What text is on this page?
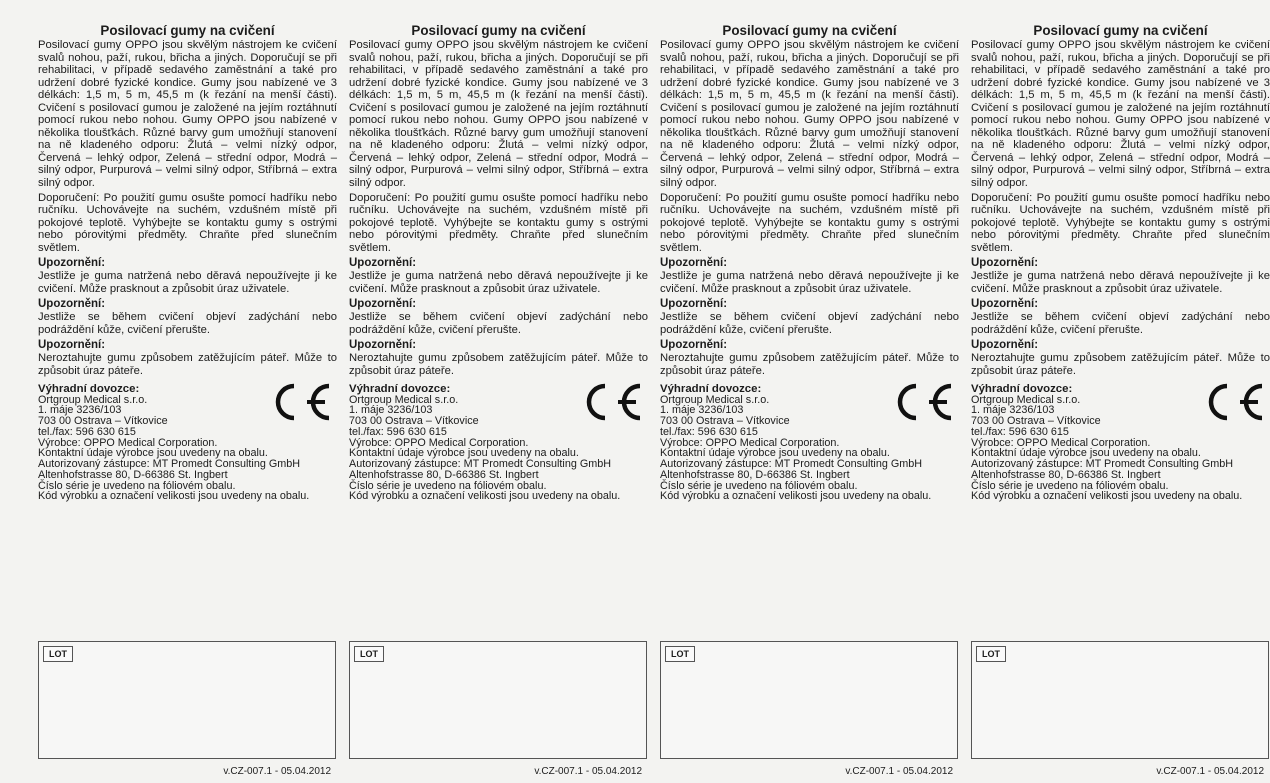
Posilovací gumy na cvičení

Posilovací gumy OPPO jsou skvělým nástrojem ke cvičení svalů nohou, paží, rukou, břicha a jiných. Doporučují se při rehabilitaci, v případě sedavého zaměstnání a také pro udržení dobré fyzické kondice. Gumy jsou nabízené ve 3 délkách: 1,5 m, 5 m, 45,5 m (k řezání na menší části). Cvičení s posilovací gumou je založené na jejím roztáhnutí pomocí rukou nebo nohou. Gumy OPPO jsou nabízené v několika tloušťkách. Různé barvy gum umožňují stanovení na ně kladeného odporu: Žlutá – velmi nízký odpor, Červená – lehký odpor, Zelená – střední odpor, Modrá – silný odpor, Purpurová – velmi silný odpor, Stříbrná – extra silný odpor.

Doporučení: Po použití gumu osušte pomocí hadříku nebo ručníku. Uchovávejte na suchém, vzdušném místě při pokojové teplotě. Vyhýbejte se kontaktu gumy s ostrými nebo pórovitými předměty. Chraňte před slunečním světlem.

Upozornění:

Jestliže je guma natržená nebo děravá nepoužívejte ji ke cvičení. Může prasknout a způsobit úraz uživatele.

Upozornění:

Jestliže se během cvičení objeví zadýchání nebo podráždění kůže, cvičení přerušte.

Upozornění:

Neroztahujte gumu způsobem zatěžujícím páteř. Může to způsobit úraz páteře.

Výhradní dovozce:
Ortgroup Medical s.r.o.
1. máje 3236/103
703 00 Ostrava – Vítkovice
tel./fax: 596 630 615
Výrobce: OPPO Medical Corporation.
Kontaktní údaje výrobce jsou uvedeny na obalu.
Autorizovaný zástupce: MT Promedt Consulting GmbH
Altenhofstrasse 80, D-66386 St. Ingbert
Číslo série je uvedeno na fóliovém obalu.
Kód výrobku a označení velikosti jsou uvedeny na obalu.
LOT
v.CZ-007.1 - 05.04.2012
Posilovací gumy na cvičení

Posilovací gumy OPPO jsou skvělým nástrojem ke cvičení svalů nohou, paží, rukou, břicha a jiných. Doporučují se při rehabilitaci, v případě sedavého zaměstnání a také pro udržení dobré fyzické kondice. Gumy jsou nabízené ve 3 délkách: 1,5 m, 5 m, 45,5 m (k řezání na menší části). Cvičení s posilovací gumou je založené na jejím roztáhnutí pomocí rukou nebo nohou. Gumy OPPO jsou nabízené v několika tloušťkách. Různé barvy gum umožňují stanovení na ně kladeného odporu: Žlutá – velmi nízký odpor, Červená – lehký odpor, Zelená – střední odpor, Modrá – silný odpor, Purpurová – velmi silný odpor, Stříbrná – extra silný odpor.

Doporučení: Po použití gumu osušte pomocí hadříku nebo ručníku. Uchovávejte na suchém, vzdušném místě při pokojové teplotě. Vyhýbejte se kontaktu gumy s ostrými nebo pórovitými předměty. Chraňte před slunečním světlem.

Upozornění:

Jestliže je guma natržená nebo děravá nepoužívejte ji ke cvičení. Může prasknout a způsobit úraz uživatele.

Upozornění:

Jestliže se během cvičení objeví zadýchání nebo podráždění kůže, cvičení přerušte.

Upozornění:

Neroztahujte gumu způsobem zatěžujícím páteř. Může to způsobit úraz páteře.

Výhradní dovozce:
Ortgroup Medical s.r.o.
1. máje 3236/103
703 00 Ostrava – Vítkovice
tel./fax: 596 630 615
Výrobce: OPPO Medical Corporation.
Kontaktní údaje výrobce jsou uvedeny na obalu.
Autorizovaný zástupce: MT Promedt Consulting GmbH
Altenhofstrasse 80, D-66386 St. Ingbert
Číslo série je uvedeno na fóliovém obalu.
Kód výrobku a označení velikosti jsou uvedeny na obalu.
LOT
v.CZ-007.1 - 05.04.2012
Posilovací gumy na cvičení

Posilovací gumy OPPO jsou skvělým nástrojem ke cvičení svalů nohou, paží, rukou, břicha a jiných. Doporučují se při rehabilitaci, v případě sedavého zaměstnání a také pro udržení dobré fyzické kondice. Gumy jsou nabízené ve 3 délkách: 1,5 m, 5 m, 45,5 m (k řezání na menší části). Cvičení s posilovací gumou je založené na jejím roztáhnutí pomocí rukou nebo nohou. Gumy OPPO jsou nabízené v několika tloušťkách. Různé barvy gum umožňují stanovení na ně kladeného odporu: Žlutá – velmi nízký odpor, Červená – lehký odpor, Zelená – střední odpor, Modrá – silný odpor, Purpurová – velmi silný odpor, Stříbrná – extra silný odpor.

Doporučení: Po použití gumu osušte pomocí hadříku nebo ručníku. Uchovávejte na suchém, vzdušném místě při pokojové teplotě. Vyhýbejte se kontaktu gumy s ostrými nebo pórovitými předměty. Chraňte před slunečním světlem.

Upozornění:

Jestliže je guma natržená nebo děravá nepoužívejte ji ke cvičení. Může prasknout a způsobit úraz uživatele.

Upozornění:

Jestliže se během cvičení objeví zadýchání nebo podráždění kůže, cvičení přerušte.

Upozornění:

Neroztahujte gumu způsobem zatěžujícím páteř. Může to způsobit úraz páteře.

Výhradní dovozce:
Ortgroup Medical s.r.o.
1. máje 3236/103
703 00 Ostrava – Vítkovice
tel./fax: 596 630 615
Výrobce: OPPO Medical Corporation.
Kontaktní údaje výrobce jsou uvedeny na obalu.
Autorizovaný zástupce: MT Promedt Consulting GmbH
Altenhofstrasse 80, D-66386 St. Ingbert
Číslo série je uvedeno na fóliovém obalu.
Kód výrobku a označení velikosti jsou uvedeny na obalu.
LOT
v.CZ-007.1 - 05.04.2012
Posilovací gumy na cvičení

Posilovací gumy OPPO jsou skvělým nástrojem ke cvičení svalů nohou, paží, rukou, břicha a jiných. Doporučují se při rehabilitaci, v případě sedavého zaměstnání a také pro udržení dobré fyzické kondice. Gumy jsou nabízené ve 3 délkách: 1,5 m, 5 m, 45,5 m (k řezání na menší části). Cvičení s posilovací gumou je založené na jejím roztáhnutí pomocí rukou nebo nohou. Gumy OPPO jsou nabízené v několika tloušťkách. Různé barvy gum umožňují stanovení na ně kladeného odporu: Žlutá – velmi nízký odpor, Červená – lehký odpor, Zelená – střední odpor, Modrá – silný odpor, Purpurová – velmi silný odpor, Stříbrná – extra silný odpor.

Doporučení: Po použití gumu osušte pomocí hadříku nebo ručníku. Uchovávejte na suchém, vzdušném místě při pokojové teplotě. Vyhýbejte se kontaktu gumy s ostrými nebo pórovitými předměty. Chraňte před slunečním světlem.

Upozornění:

Jestliže je guma natržená nebo děravá nepoužívejte ji ke cvičení. Může prasknout a způsobit úraz uživatele.

Upozornění:

Jestliže se během cvičení objeví zadýchání nebo podráždění kůže, cvičení přerušte.

Upozornění:

Neroztahujte gumu způsobem zatěžujícím páteř. Může to způsobit úraz páteře.

Výhradní dovozce:
Ortgroup Medical s.r.o.
1. máje 3236/103
703 00 Ostrava – Vítkovice
tel./fax: 596 630 615
Výrobce: OPPO Medical Corporation.
Kontaktní údaje výrobce jsou uvedeny na obalu.
Autorizovaný zástupce: MT Promedt Consulting GmbH
Altenhofstrasse 80, D-66386 St. Ingbert
Číslo série je uvedeno na fóliovém obalu.
Kód výrobku a označení velikosti jsou uvedeny na obalu.
LOT
v.CZ-007.1 - 05.04.2012
